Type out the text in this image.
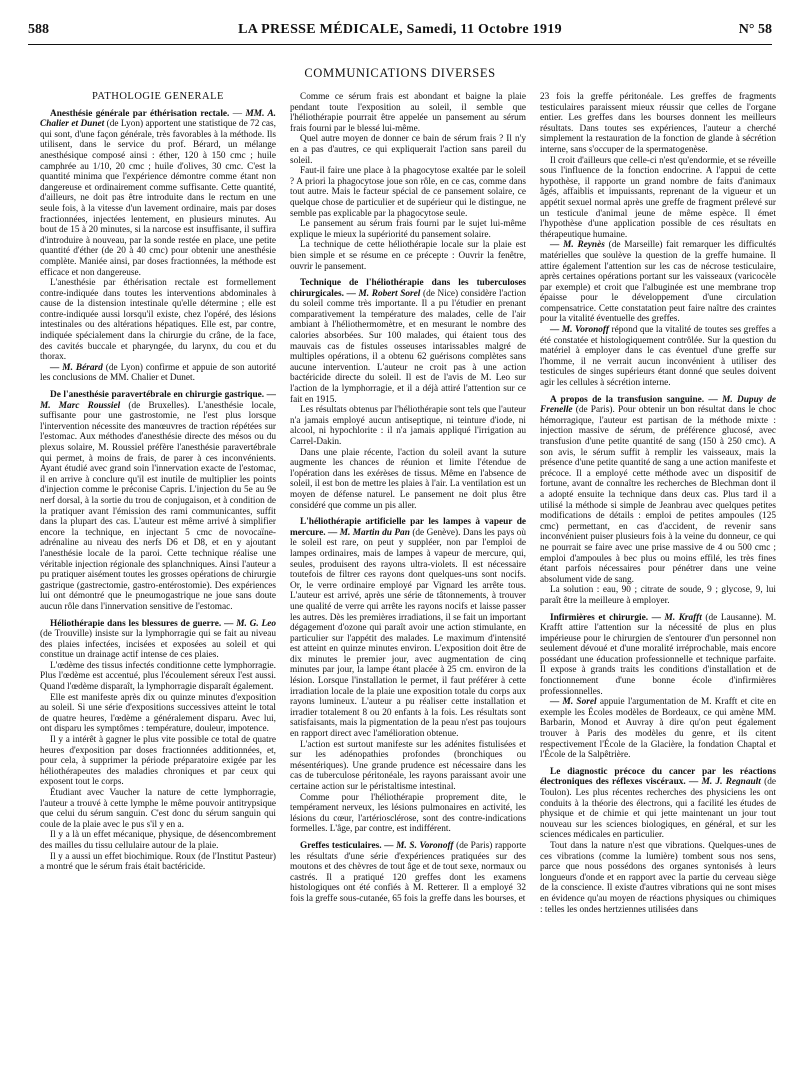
588	LA PRESSE MÉDICALE, Samedi, 11 Octobre 1919	N° 58
COMMUNICATIONS DIVERSES
PATHOLOGIE GÉNÉRALE

Anesthésie générale par éthérisation rectale. — MM. A. Chalier et Dunet (de Lyon) apportent une statistique de 72 cas, qui sont, d'une façon générale, très favorables à la méthode. Ils utilisent, dans le service du prof. Bérard, un mélange anesthésique composé ainsi : éther, 120 à 150 cmc ; huile camphrée au 1/10, 20 cmc ; huile d'olives, 30 cmc. C'est la quantité minima que l'expérience démontre comme étant non dangereuse et ordinairement comme suffisante. Cette quantité, d'ailleurs, ne doit pas être introduite dans le rectum en une seule fois, à la vitesse d'un lavement ordinaire, mais par doses fractionnées, injectées lentement, en plusieurs minutes. Au bout de 15 à 20 minutes, si la narcose est insuffisante, il suffira d'introduire à nouveau, par la sonde restée en place, une petite quantité d'éther (de 20 à 40 cmc) pour obtenir une anesthésie complète. Maniée ainsi, par doses fractionnées, la méthode est efficace et non dangereuse.

L'anesthésie par éthérisation rectale est formellement contre-indiquée dans toutes les interventions abdominales à cause de la distension intestinale qu'elle détermine ; elle est contre-indiquée aussi lorsqu'il existe, chez l'opéré, des lésions intestinales ou des altérations hépatiques. Elle est, par contre, indiquée spécialement dans la chirurgie du crâne, de la face, des cavités buccale et pharyngée, du larynx, du cou et du thorax.

— M. Bérard (de Lyon) confirme et appuie de son autorité les conclusions de MM. Chalier et Dunet.

De l'anesthésie paravertébrale en chirurgie gastrique. — M. Marc Roussiel (de Bruxelles). L'anesthésie locale, suffisante pour une gastrostomie, ne l'est plus lorsque l'intervention nécessite des manœuvres de traction répétées sur l'estomac. Aux méthodes d'anesthésie directe des mésos ou du plexus solaire, M. Roussiel préfère l'anesthésie paravertébrale qui permet, à moins de frais, de parer à ces inconvénients. Ayant étudié avec grand soin l'innervation exacte de l'estomac, il en arrive à conclure qu'il est inutile de multiplier les points d'injection comme le préconise Capris. L'injection du 5e au 9e nerf dorsal, à la sortie du trou de conjugaison, et à condition de la pratiquer avant l'émission des rami communicantes, suffit dans la plupart des cas. L'auteur est même arrivé à simplifier encore la technique, en injectant 5 cmc de novocaïne-adrénaline au niveau des nerfs D6 et D8, et en y ajoutant l'anesthésie locale de la paroi. Cette technique réalise une véritable injection régionale des splanchniques. Ainsi l'auteur a pu pratiquer aisément toutes les grosses opérations de chirurgie gastrique (gastrectomie, gastro-entérostomie). Des expériences lui ont démontré que le pneumogastrique ne joue sans doute aucun rôle dans l'innervation sensitive de l'estomac.

Héliothérapie dans les blessures de guerre. — M. G. Leo (de Trouville) insiste sur la lymphorragie qui se fait au niveau des plaies infectées, incisées et exposées au soleil et qui constitue un drainage actif intense de ces plaies.

L'œdème des tissus infectés conditionne cette lymphorragie. Plus l'œdème est accentué, plus l'écoulement séreux l'est aussi. Quand l'œdème disparaît, la lymphorragie disparaît également.

Elle est manifeste après dix ou quinze minutes d'exposition au soleil. Si une série d'expositions successives atteint le total de quatre heures, l'œdème a généralement disparu. Avec lui, ont disparu les symptômes : température, douleur, impotence.

Il y a intérêt à gagner le plus vite possible ce total de quatre heures d'exposition par doses fractionnées additionnées, et, pour cela, à supprimer la période préparatoire exigée par les héliothérapeutes des maladies chroniques et par ceux qui exposent tout le corps.

Étudiant avec Vaucher la nature de cette lymphorragie, l'auteur a trouvé à cette lymphe le même pouvoir antitrypsique que celui du sérum sanguin. C'est donc du sérum sanguin qui coule de la plaie avec le pus s'il y en a.

Il y a là un effet mécanique, physique, de désencombrement des mailles du tissu cellulaire autour de la plaie.

Il y a aussi un effet biochimique. Roux (de l'Institut Pasteur) a montré que le sérum frais était bactéricide.

Comme ce sérum frais est abondant et baigne la plaie pendant toute l'exposition au soleil, il semble que l'héliothérapie pourrait être appelée un pansement au sérum frais fourni par le blessé lui-même.

Quel autre moyen de donner ce bain de sérum frais ? Il n'y en a pas d'autres, ce qui expliquerait l'action sans pareil du soleil.

Faut-il faire une place à la phagocytose exaltée par le soleil ? A priori la phagocytose joue son rôle, en ce cas, comme dans tout autre. Mais le facteur spécial de ce pansement solaire, ce quelque chose de particulier et de supérieur qui le distingue, ne semble pas explicable par la phagocytose seule.

Le pansement au sérum frais fourni par le sujet lui-même explique le mieux la supériorité du pansement solaire.

La technique de cette héliothérapie locale sur la plaie est bien simple et se résume en ce précepte : Ouvrir la fenêtre, ouvrir le pansement.

Technique de l'héliothérapie dans les tuberculoses chirurgicales. — M. Robert Sorel (de Nice) considère l'action du soleil comme très importante. Il a pu l'étudier en prenant comparativement la température des malades, celle de l'air ambiant à l'héliothermomètre, et en mesurant le nombre des calories absorbées. Sur 100 malades, qui étaient tous des mauvais cas de fistules osseuses intarissables malgré de multiples opérations, il a obtenu 62 guérisons complètes sans aucune intervention. L'auteur ne croit pas à une action bactéricide directe du soleil. Il est de l'avis de M. Leo sur l'action de la lymphorragie, et il a déjà attiré l'attention sur ce fait en 1915.

Les résultats obtenus par l'héliothérapie sont tels que l'auteur n'a jamais employé aucun antiseptique, ni teinture d'iode, ni alcool, ni hypochlorite : il n'a jamais appliqué l'irrigation au Carrel-Dakin.

Dans une plaie récente, l'action du soleil avant la suture augmente les chances de réunion et limite l'étendue de l'opération dans les exérèses de tissus. Même en l'absence de soleil, il est bon de mettre les plaies à l'air. La ventilation est un moyen de défense naturel. Le pansement ne doit plus être considéré que comme un pis aller.

L'héliothérapie artificielle par les lampes à vapeur de mercure. — M. Martin du Pan (de Genève). Dans les pays où le soleil est rare, on peut y suppléer, non par l'emploi de lampes ordinaires, mais de lampes à vapeur de mercure, qui, seules, produisent des rayons ultra-violets. Il est nécessaire toutefois de filtrer ces rayons dont quelques-uns sont nocifs. Or, le verre ordinaire employé par Vignard les arrête tous. L'auteur est arrivé, après une série de tâtonnements, à trouver une qualité de verre qui arrête les rayons nocifs et laisse passer les autres. Dès les premières irradiations, il se fait un important dégagement d'ozone qui paraît avoir une action stimulante, en particulier sur l'appétit des malades. Le maximum d'intensité est atteint en quinze minutes environ. L'exposition doit être de dix minutes le premier jour, avec augmentation de cinq minutes par jour, la lampe étant placée à 25 cm. environ de la lésion. Lorsque l'installation le permet, il faut préférer à cette irradiation locale de la plaie une exposition totale du corps aux rayons lumineux. L'auteur a pu réaliser cette installation et irradier totalement 8 ou 20 enfants à la fois. Les résultats sont satisfaisants, mais la pigmentation de la peau n'est pas toujours en rapport direct avec l'amélioration obtenue.

L'action est surtout manifeste sur les adénites fistulisées et sur les adénopathies profondes (bronchiques ou mésentériques). Une grande prudence est nécessaire dans les cas de tuberculose péritonéale, les rayons paraissant avoir une certaine action sur le péristaltisme intestinal.

Comme pour l'héliothérapie proprement dite, le tempérament nerveux, les lésions pulmonaires en activité, les lésions du cœur, l'artériosclérose, sont des contre-indications formelles. L'âge, par contre, est indifférent.

Greffes testiculaires. — M. S. Voronoff (de Paris) rapporte les résultats d'une série d'expériences pratiquées sur des moutons et des chèvres de tout âge et de tout sexe, normaux ou castrés. Il a pratiqué 120 greffes dont les examens histologiques ont été confiés à M. Retterer. Il a employé 32 fois la greffe sous-cutanée, 65 fois la greffe dans les bourses, et

23 fois la greffe péritonéale. Les greffes de fragments testiculaires paraissent mieux réussir que celles de l'organe entier. Les greffes dans les bourses donnent les meilleurs résultats. Dans toutes ses expériences, l'auteur a cherché simplement la restauration de la fonction de glande à sécrétion interne, sans s'occuper de la spermatogenèse.

Il croit d'ailleurs que celle-ci n'est qu'endormie, et se réveille sous l'influence de la fonction endocrine. A l'appui de cette hypothèse, il rapporte un grand nombre de faits d'animaux âgés, affaiblis et impuissants, reprenant de la vigueur et un appétit sexuel normal après une greffe de fragment prélevé sur un testicule d'animal jeune de même espèce. Il émet l'hypothèse d'une application possible de ces résultats en thérapeutique humaine.

— M. Reynès (de Marseille) fait remarquer les difficultés matérielles que soulève la question de la greffe humaine. Il attire également l'attention sur les cas de nécrose testiculaire, après certaines opérations portant sur les vaisseaux (varicocèle par exemple) et croit que l'albuginée est une membrane trop épaisse pour le développement d'une circulation compensatrice. Cette constatation peut faire naître des craintes pour la vitalité éventuelle des greffes.

— M. Voronoff répond que la vitalité de toutes ses greffes a été constatée et histologiquement contrôlée. Sur la question du matériel à employer dans le cas éventuel d'une greffe sur l'homme, il ne verrait aucun inconvénient à utiliser des testicules de singes supérieurs étant donné que seules doivent agir les cellules à sécrétion interne.

A propos de la transfusion sanguine. — M. Dupuy de Frenelle (de Paris). Pour obtenir un bon résultat dans le choc hémorragique, l'auteur est partisan de la méthode mixte : injection massive de sérum, de préférence glucosé, avec transfusion d'une petite quantité de sang (150 à 250 cmc). A son avis, le sérum suffit à remplir les vaisseaux, mais la présence d'une petite quantité de sang a une action manifeste et précoce. Il a employé cette méthode avec un dispositif de fortune, avant de connaître les recherches de Blechman dont il a adopté ensuite la technique dans deux cas. Plus tard il a utilisé la méthode si simple de Jeanbrau avec quelques petites modifications de détails : emploi de petites ampoules (125 cmc) permettant, en cas d'accident, de revenir sans inconvénient puiser plusieurs fois à la veine du donneur, ce qui ne pourrait se faire avec une prise massive de 4 ou 500 cmc ; emploi d'ampoules à bec plus ou moins effilé, les très fines étant parfois nécessaires pour pénétrer dans une veine absolument vide de sang.

La solution : eau, 90 ; citrate de soude, 9 ; glycose, 9, lui paraît être la meilleure à employer.

Infirmières et chirurgie. — M. Krafft (de Lausanne). M. Krafft attire l'attention sur la nécessité de plus en plus impérieuse pour le chirurgien de s'entourer d'un personnel non seulement dévoué et d'une moralité irréprochable, mais encore possédant une éducation professionnelle et technique parfaite. Il expose à grands traits les conditions d'installation et de fonctionnement d'une bonne école d'infirmières professionnelles.

— M. Sorel appuie l'argumentation de M. Krafft et cite en exemple les Écoles modèles de Bordeaux, ce qui amène MM. Barbarin, Monod et Auvray à dire qu'on peut également trouver à Paris des modèles du genre, et ils citent respectivement l'École de la Glacière, la fondation Chaptal et l'École de la Salpêtrière.

Le diagnostic précoce du cancer par les réactions électroniques des réflexes viscéraux. — M. J. Regnault (de Toulon). Les plus récentes recherches des physiciens les ont conduits à la théorie des électrons, qui a facilité les études de physique et de chimie et qui jette maintenant un jour tout nouveau sur les sciences biologiques, en général, et sur les sciences médicales en particulier.

Tout dans la nature n'est que vibrations. Quelques-unes de ces vibrations (comme la lumière) tombent sous nos sens, parce que nous possédons des organes syntonisés à leurs longueurs d'onde et en rapport avec la partie du cerveau siège de la conscience. Il existe d'autres vibrations qui ne sont mises en évidence qu'au moyen de réactions physiques ou chimiques : telles les ondes hertziennes utilisées dans
